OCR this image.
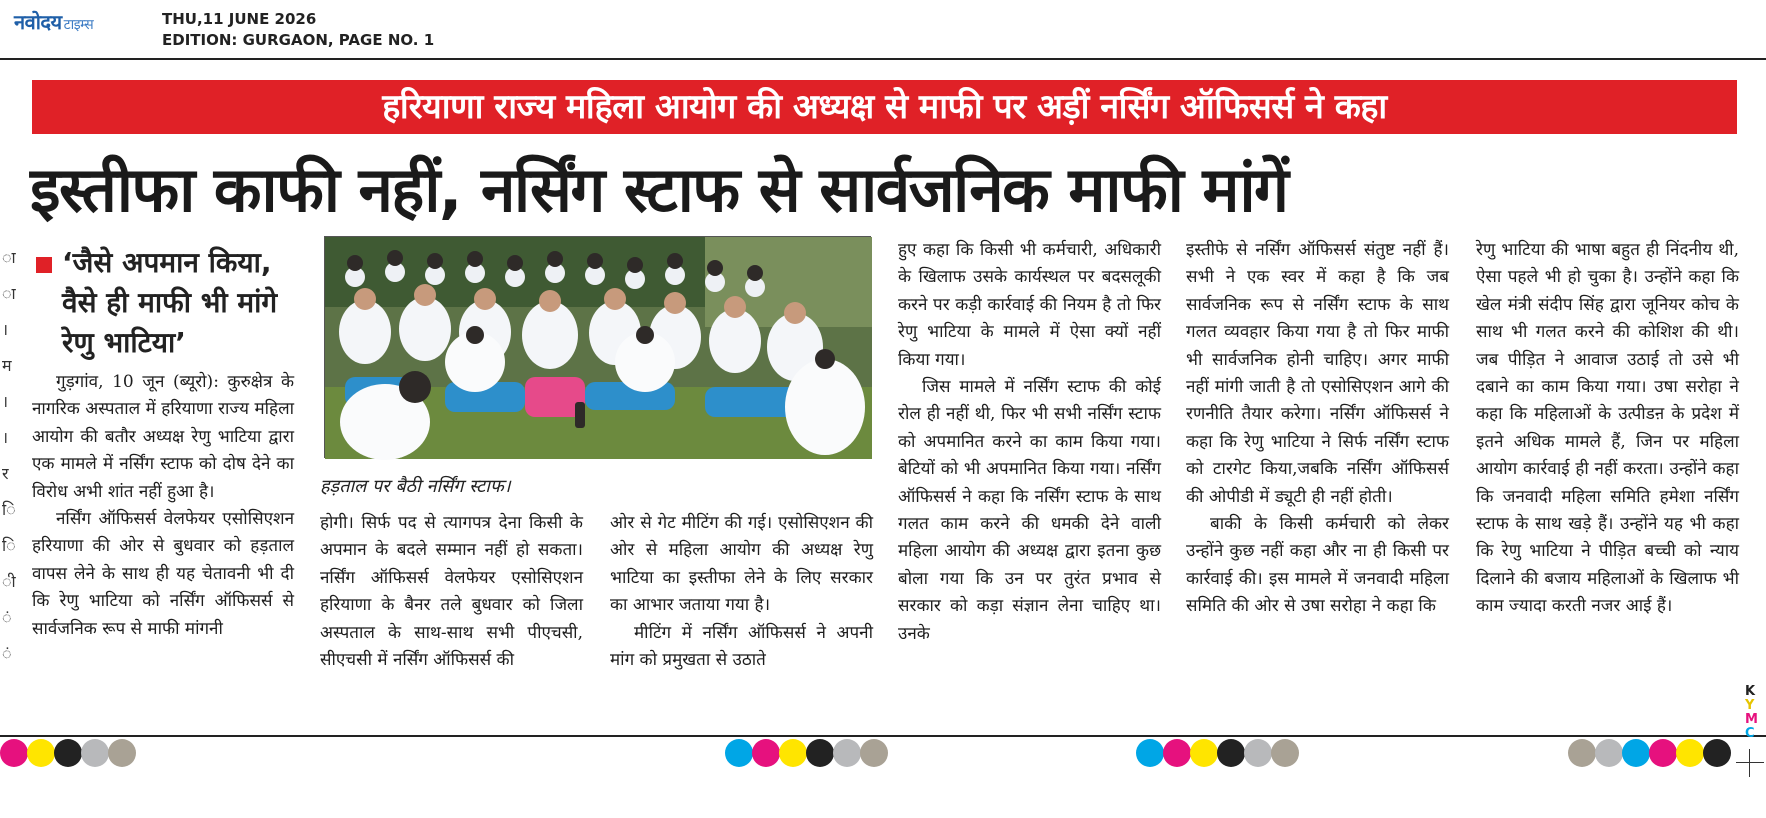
नवोदय टाइम्स	THU,11 JUNE 2026
EDITION: GURGAON, PAGE NO. 1
हरियाणा राज्य महिला आयोग की अध्यक्ष से माफी पर अड़ीं नर्सिंग ऑफिसर्स ने कहा
इस्तीफा काफी नहीं, नर्सिंग स्टाफ से सार्वजनिक माफी मांगें
ा
ा
।
म
।
।
र
ि
ि
ी
ं
ं
‘जैसे अपमान किया, वैसे ही माफी भी मांगे रेणु भाटिया’

गुड़गांव, 10 जून (ब्यूरो): कुरुक्षेत्र के नागरिक अस्पताल में हरियाणा राज्य महिला आयोग की बतौर अध्यक्ष रेणु भाटिया द्वारा एक मामले में नर्सिंग स्टाफ को दोष देने का विरोध अभी शांत नहीं हुआ है।

नर्सिंग ऑफिसर्स वेलफेयर एसोसिएशन हरियाणा की ओर से बुधवार को हड़ताल वापस लेने के साथ ही यह चेतावनी भी दी कि रेणु भाटिया को नर्सिंग ऑफिसर्स से सार्वजनिक रूप से माफी मांगनी

हड़ताल पर बैठी नर्सिंग स्टाफ।

होगी। सिर्फ पद से त्यागपत्र देना किसी के अपमान के बदले सम्मान नहीं हो सकता। नर्सिंग ऑफिसर्स वेलफेयर एसोसिएशन हरियाणा के बैनर तले बुधवार को जिला अस्पताल के साथ-साथ सभी पीएचसी, सीएचसी में नर्सिंग ऑफिसर्स की

ओर से गेट मीटिंग की गई। एसोसिएशन की ओर से महिला आयोग की अध्यक्ष रेणु भाटिया का इस्तीफा लेने के लिए सरकार का आभार जताया गया है।

मीटिंग में नर्सिंग ऑफिसर्स ने अपनी मांग को प्रमुखता से उठाते

हुए कहा कि किसी भी कर्मचारी, अधिकारी के खिलाफ उसके कार्यस्थल पर बदसलूकी करने पर कड़ी कार्रवाई की नियम है तो फिर रेणु भाटिया के मामले में ऐसा क्यों नहीं किया गया।

जिस मामले में नर्सिंग स्टाफ की कोई रोल ही नहीं थी, फिर भी सभी नर्सिंग स्टाफ को अपमानित करने का काम किया गया। बेटियों को भी अपमानित किया गया। नर्सिंग ऑफिसर्स ने कहा कि नर्सिंग स्टाफ के साथ गलत काम करने की धमकी देने वाली महिला आयोग की अध्यक्ष द्वारा इतना कुछ बोला गया कि उन पर तुरंत प्रभाव से सरकार को कड़ा संज्ञान लेना चाहिए था। उनके

इस्तीफे से नर्सिंग ऑफिसर्स संतुष्ट नहीं हैं। सभी ने एक स्वर में कहा है कि जब सार्वजनिक रूप से नर्सिंग स्टाफ के साथ गलत व्यवहार किया गया है तो फिर माफी भी सार्वजनिक होनी चाहिए। अगर माफी नहीं मांगी जाती है तो एसोसिएशन आगे की रणनीति तैयार करेगा। नर्सिंग ऑफिसर्स ने कहा कि रेणु भाटिया ने सिर्फ नर्सिंग स्टाफ को टारगेट किया,जबकि नर्सिंग ऑफिसर्स की ओपीडी में ड्यूटी ही नहीं होती।

बाकी के किसी कर्मचारी को लेकर उन्होंने कुछ नहीं कहा और ना ही किसी पर कार्रवाई की। इस मामले में जनवादी महिला समिति की ओर से उषा सरोहा ने कहा कि

रेणु भाटिया की भाषा बहुत ही निंदनीय थी, ऐसा पहले भी हो चुका है। उन्होंने कहा कि खेल मंत्री संदीप सिंह द्वारा जूनियर कोच के साथ भी गलत करने की कोशिश की थी। जब पीड़ित ने आवाज उठाई तो उसे भी दबाने का काम किया गया। उषा सरोहा ने कहा कि महिलाओं के उत्पीडऩ के प्रदेश में इतने अधिक मामले हैं, जिन पर महिला आयोग कार्रवाई ही नहीं करता। उन्होंने कहा कि जनवादी महिला समिति हमेशा नर्सिंग स्टाफ के साथ खड़े हैं। उन्होंने यह भी कहा कि रेणु भाटिया ने पीड़ित बच्ची को न्याय दिलाने की बजाय महिलाओं के खिलाफ भी काम ज्यादा करती नजर आई हैं।

K
Y
M
C
